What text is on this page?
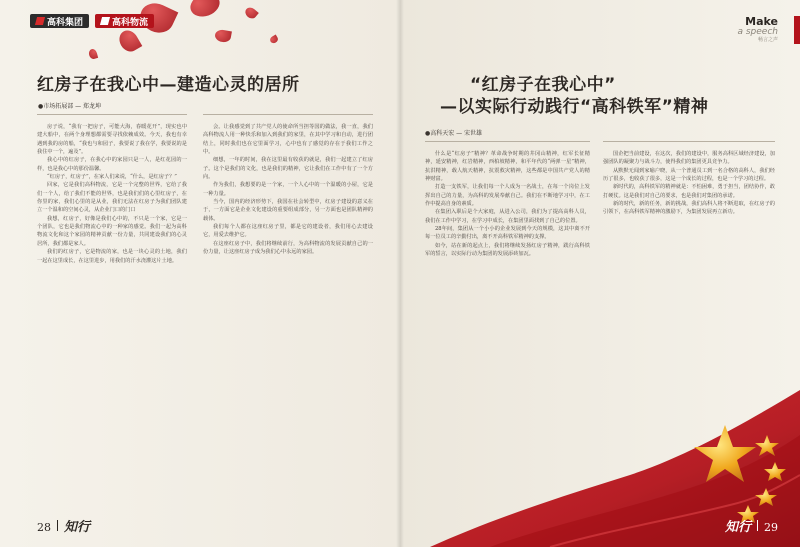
高科集团	高科物流	Make
a speech
畅言之声
红房子在我心中—建造心灵的居所
●市场拓展部 — 郑龙坤

房子说，“我有一把房子，可能大海，春暖花开”，现实也中建大船中，在两个身理想都需要寻找依赖成效。今天，我也有幸遇到我的房的船，“我也与和园子，我要说了我在学，我要说的是我住中一个，遍及”。

我心中的红房子，在我心中的家园只是一人，是红花园的一样，也是我心中的那份温馨。

“红房子，红房子”，在家人们来说，“什么，是红房子？”

回家，它是我们高科物流，它是一个完整的世界，它给了我们一个人，给了我们不能的世界，也是我们们的心里红房子，在你里的家，我们心里的是从业，我们无法在红房子为我们团队建立一个温和的空间心灵，从企业门口的门口

我想，红房子，好像是我们心中的，不只是一个家，它是一个团队，它也是我们物流心中的一种家的感觉。我们一起为高科物流文化和这个家园的精神贡献一份力量，共同建设我们的心灵居所，我们都是家人。

我们的红房子，它是物流的家，也是一块心灵的土地，我们一起在这里成长，在这里进步，用我们的汗水浇灌这片土地。

会。让我感觉到了共产党人的使命所当担等国的做法，我一直，我们高科物流人用一种快乐和加入到我们的家里，在其中学习和自动，进行团结上，同时我们也在它里面学习，心中也有了感觉的存在于我们工作之中。

细想，一年的时间，我在这里最有收获的就是，我们一起建立了红房子。这个是我们的文化，也是我们的精神，它让我们在工作中有了一个方向。

作为我们，我想要的是一个家，一个人心中的一个温暖的小屋，它是一种力量。

当今，国内的经济形势下，我国在社会转型中，红房子建设的意义在于，一方面它是企业文化建设的重要组成部分，另一方面也是团队精神的载体。

我们每个人都在这座红房子里，都是它的建设者，我们用心去建设它，用爱去维护它。

在这座红房子中，我们将继续前行，为高科物流的发展贡献自己的一份力量，让这座红房子成为我们心中永远的家园。

“红房子在我心中”
—以实际行动践行“高科铁军”精神
●高科天宏 — 宋世雄

什么是“红房子”精神？革命战争时期的井冈山精神，红军长征精神，延安精神，红岩精神，西柏坡精神，和平年代的“两弹一星”精神，抗洪精神，载人航天精神，抗震救灾精神，这些都是中国共产党人的精神财富。

打造一支铁军，让我们每一个人成为一名战士，在每一个岗位上发挥出自己的力量，为高科的发展奉献自己。我们在不断地学习中，在工作中提高自身的素质。

在集团入职后是个大家庭，从进入公司，我们为了提高高科人员，我们在工作中学习，在学习中成长，在集团里面找到了自己的位置。

28年间，集团从一个小小的企业发展到今天的规模，这其中离不开每一位员工的辛勤付出，离不开高科铁军精神的支撑。

如今，站在新的起点上，我们将继续发扬红房子精神，践行高科铁军的誓言，以实际行动为集团的发展添砖加瓦。

国企把当前建设，在这次，我们的建设中，服务高科区域经济建设，加强团队的凝聚力与战斗力，使得我们的集团更具竞争力。

从默默无闻到家喻户晓，从一个普通员工到一名合格的高科人，我们经历了很多，也收获了很多，这是一个成长的过程，也是一个学习的过程。

新时代的，高科铁军的精神就是：不怕困难，勇于担当，团结协作，敢打硬仗。这是我们对自己的要求，也是我们对集团的承诺。

新的时代，新的任务，新的挑战，我们高科人将不断进取，在红房子的引领下，在高科铁军精神的激励下，为集团发展再立新功。

28 知行	知行 29
